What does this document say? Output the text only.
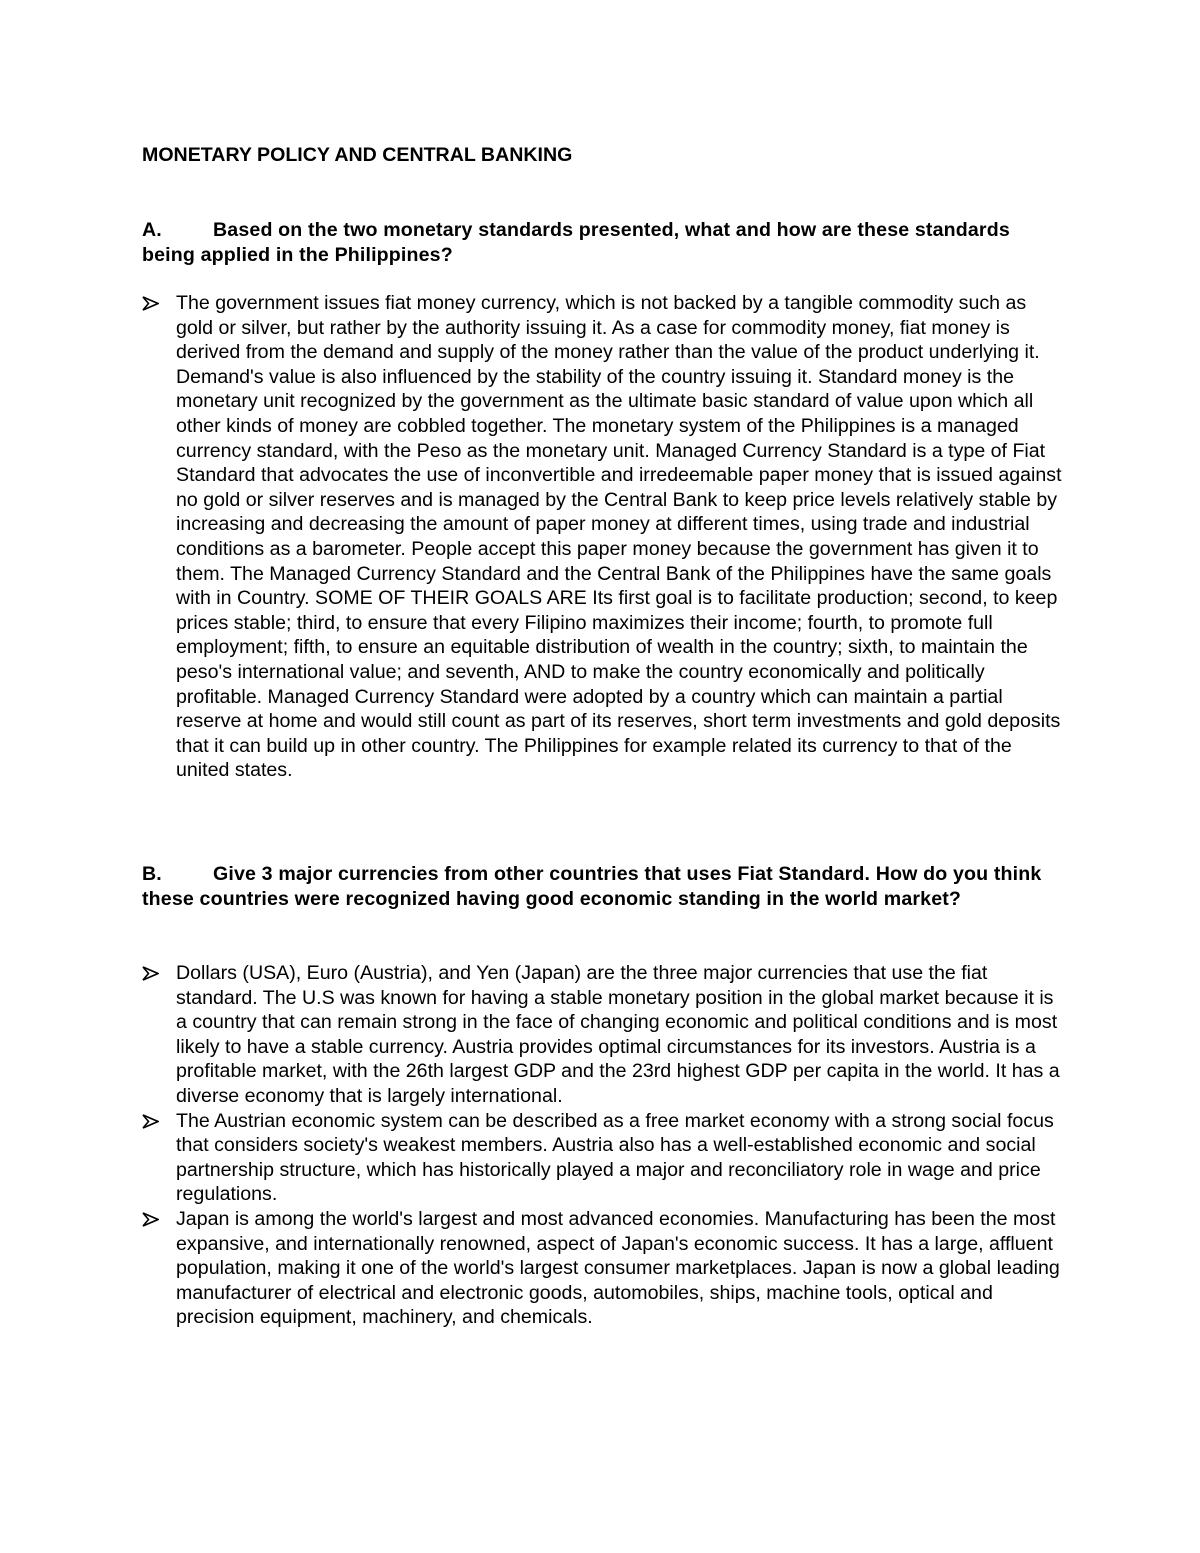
MONETARY POLICY AND CENTRAL BANKING

A.	Based on the two monetary standards presented, what and how are these standards being applied in the Philippines?

The government issues fiat money currency, which is not backed by a tangible commodity such as gold or silver, but rather by the authority issuing it. As a case for commodity money, fiat money is derived from the demand and supply of the money rather than the value of the product underlying it. Demand's value is also influenced by the stability of the country issuing it. Standard money is the monetary unit recognized by the government as the ultimate basic standard of value upon which all other kinds of money are cobbled together. The monetary system of the Philippines is a managed currency standard, with the Peso as the monetary unit. Managed Currency Standard is a type of Fiat Standard that advocates the use of inconvertible and irredeemable paper money that is issued against no gold or silver reserves and is managed by the Central Bank to keep price levels relatively stable by increasing and decreasing the amount of paper money at different times, using trade and industrial conditions as a barometer. People accept this paper money because the government has given it to them. The Managed Currency Standard and the Central Bank of the Philippines have the same goals with in Country. SOME OF THEIR GOALS ARE Its first goal is to facilitate production; second, to keep prices stable; third, to ensure that every Filipino maximizes their income; fourth, to promote full employment; fifth, to ensure an equitable distribution of wealth in the country; sixth, to maintain the peso's international value; and seventh, AND to make the country economically and politically profitable. Managed Currency Standard were adopted by a country which can maintain a partial reserve at home and would still count as part of its reserves, short term investments and gold deposits that it can build up in other country. The Philippines for example related its currency to that of the united states.

B.	Give 3 major currencies from other countries that uses Fiat Standard. How do you think these countries were recognized having good economic standing in the world market?

Dollars (USA), Euro (Austria), and Yen (Japan) are the three major currencies that use the fiat standard. The U.S was known for having a stable monetary position in the global market because it is a country that can remain strong in the face of changing economic and political conditions and is most likely to have a stable currency. Austria provides optimal circumstances for its investors. Austria is a profitable market, with the 26th largest GDP and the 23rd highest GDP per capita in the world. It has a diverse economy that is largely international.
The Austrian economic system can be described as a free market economy with a strong social focus that considers society's weakest members. Austria also has a well-established economic and social partnership structure, which has historically played a major and reconciliatory role in wage and price regulations.
Japan is among the world's largest and most advanced economies. Manufacturing has been the most expansive, and internationally renowned, aspect of Japan's economic success. It has a large, affluent population, making it one of the world's largest consumer marketplaces. Japan is now a global leading manufacturer of electrical and electronic goods, automobiles, ships, machine tools, optical and precision equipment, machinery, and chemicals.
